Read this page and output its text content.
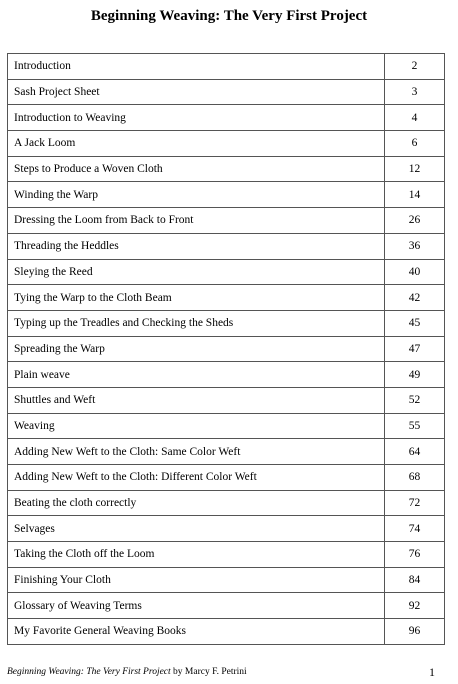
Beginning Weaving: The Very First Project
Introduction	2
Sash Project Sheet	3
Introduction to Weaving	4
A Jack Loom	6
Steps to Produce a Woven Cloth	12
Winding the Warp	14
Dressing the Loom from Back to Front	26
Threading the Heddles	36
Sleying the Reed	40
Tying the Warp to the Cloth Beam	42
Typing up the Treadles and Checking the Sheds	45
Spreading the Warp	47
Plain weave	49
Shuttles and Weft	52
Weaving	55
Adding New Weft to the Cloth: Same Color Weft	64
Adding New Weft to the Cloth: Different Color Weft	68
Beating the cloth correctly	72
Selvages	74
Taking the Cloth off the Loom	76
Finishing Your Cloth	84
Glossary of Weaving Terms	92
My Favorite General Weaving Books	96
Beginning Weaving: The Very First Project by Marcy F. Petrini	1
